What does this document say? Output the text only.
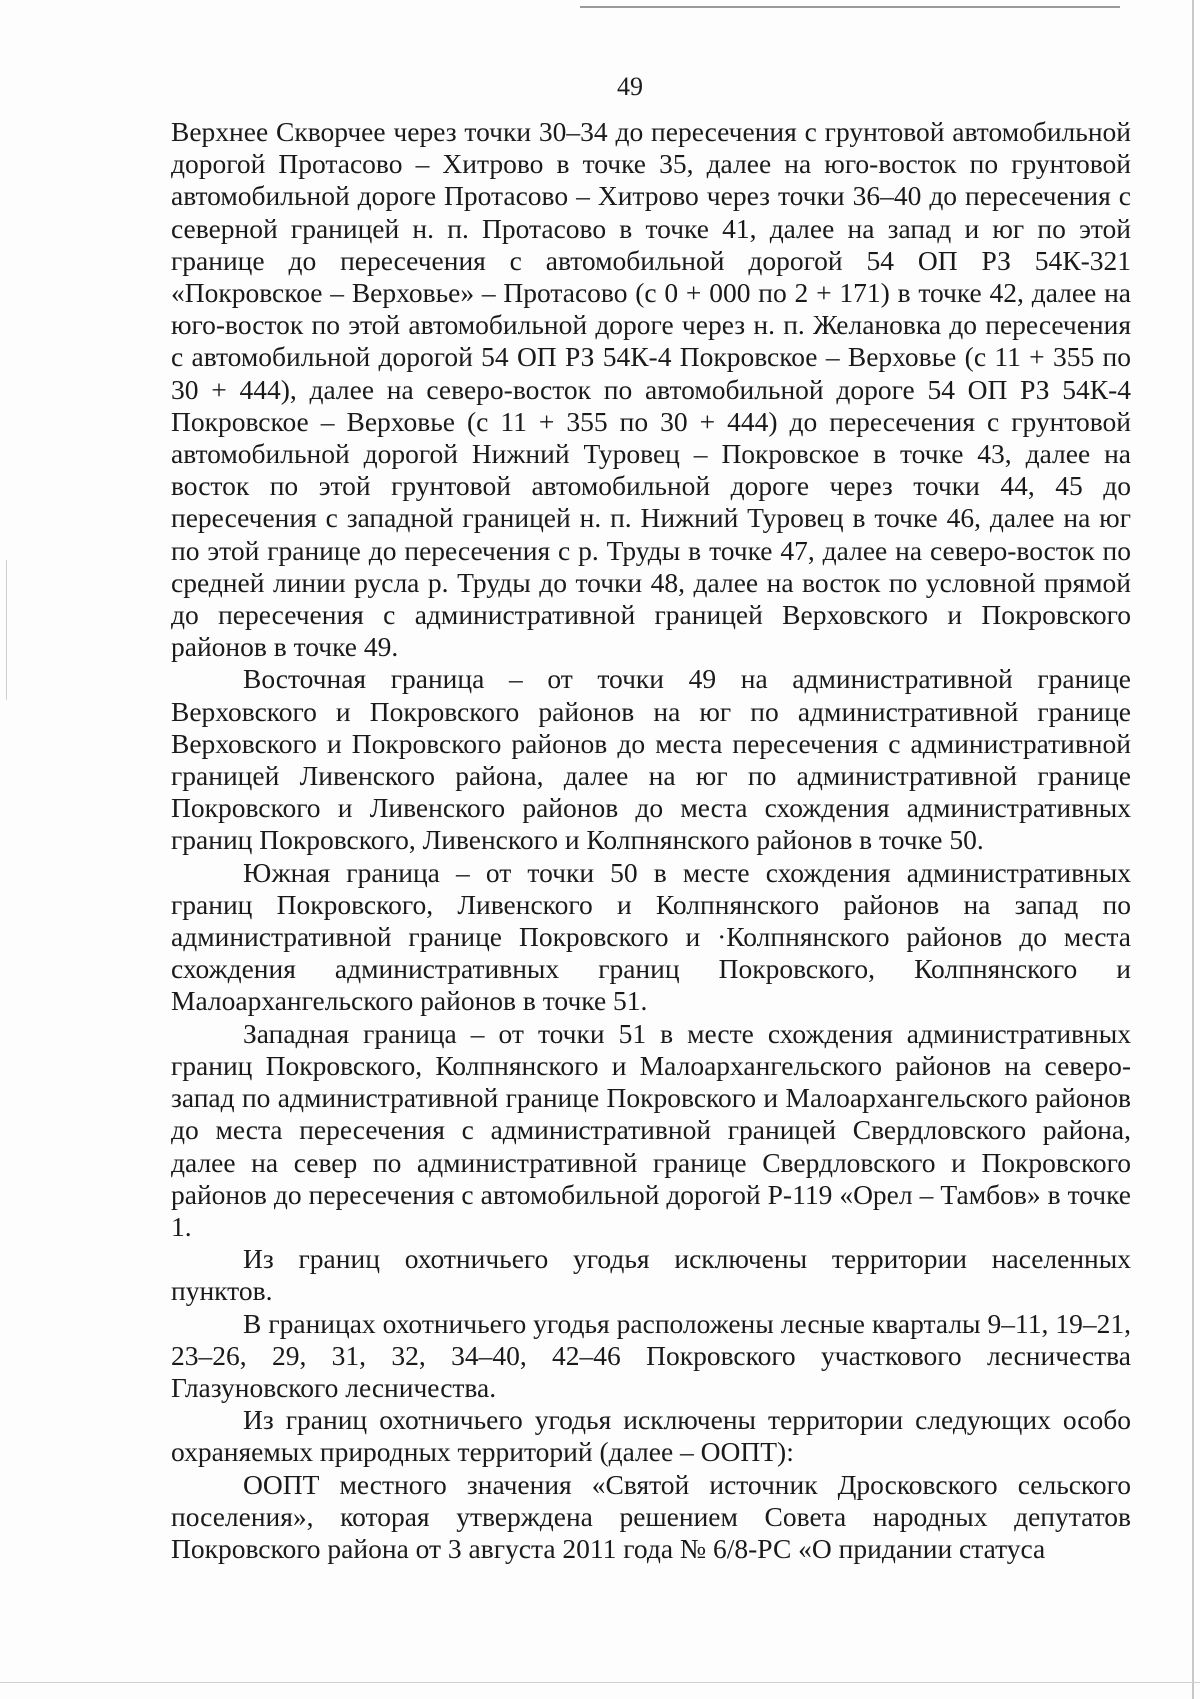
49

Верхнее Скворчее через точки 30–34 до пересечения с грунтовой автомобильной дорогой Протасово – Хитрово в точке 35, далее на юго-восток по грунтовой автомобильной дороге Протасово – Хитрово через точки 36–40 до пересечения с северной границей н. п. Протасово в точке 41, далее на запад и юг по этой границе до пересечения с автомобильной дорогой 54 ОП РЗ 54К-321 «Покровское – Верховье» – Протасово (с 0 + 000 по 2 + 171) в точке 42, далее на юго-восток по этой автомобильной дороге через н. п. Желановка до пересечения с автомобильной дорогой 54 ОП РЗ 54К-4 Покровское – Верховье (с 11 + 355 по 30 + 444), далее на северо-восток по автомобильной дороге 54 ОП РЗ 54К-4 Покровское – Верховье (с 11 + 355 по 30 + 444) до пересечения с грунтовой автомобильной дорогой Нижний Туровец – Покровское в точке 43, далее на восток по этой грунтовой автомобильной дороге через точки 44, 45 до пересечения с западной границей н. п. Нижний Туровец в точке 46, далее на юг по этой границе до пересечения с р. Труды в точке 47, далее на северо-восток по средней линии русла р. Труды до точки 48, далее на восток по условной прямой до пересечения с административной границей Верховского и Покровского районов в точке 49.

Восточная граница – от точки 49 на административной границе Верховского и Покровского районов на юг по административной границе Верховского и Покровского районов до места пересечения с административной границей Ливенского района, далее на юг по административной границе Покровского и Ливенского районов до места схождения административных границ Покровского, Ливенского и Колпнянского районов в точке 50.

Южная граница – от точки 50 в месте схождения административных границ Покровского, Ливенского и Колпнянского районов на запад по административной границе Покровского и ·Колпнянского районов до места схождения административных границ Покровского, Колпнянского и Малоархангельского районов в точке 51.

Западная граница – от точки 51 в месте схождения административных границ Покровского, Колпнянского и Малоархангельского районов на северо-запад по административной границе Покровского и Малоархангельского районов до места пересечения с административной границей Свердловского района, далее на север по административной границе Свердловского и Покровского районов до пересечения с автомобильной дорогой Р-119 «Орел – Тамбов» в точке 1.

Из границ охотничьего угодья исключены территории населенных пунктов.

В границах охотничьего угодья расположены лесные кварталы 9–11, 19–21, 23–26, 29, 31, 32, 34–40, 42–46 Покровского участкового лесничества Глазуновского лесничества.

Из границ охотничьего угодья исключены территории следующих особо охраняемых природных территорий (далее – ООПТ):

ООПТ местного значения «Святой источник Дросковского сельского поселения», которая утверждена решением Совета народных депутатов Покровского района от 3 августа 2011 года № 6/8-РС «О придании статуса
